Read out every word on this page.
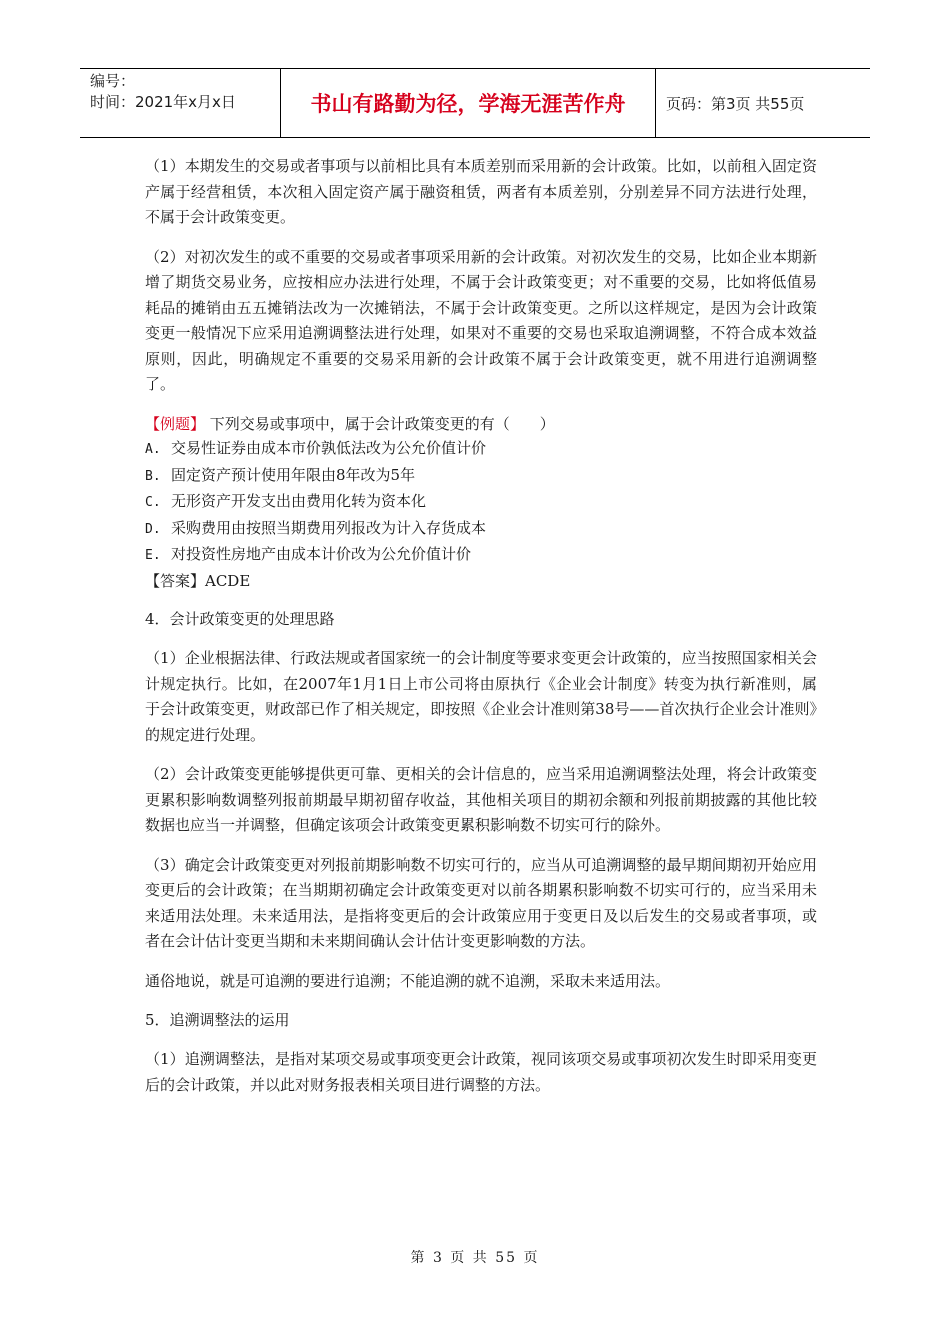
编号：
时间：2021年x月x日	书山有路勤为径，学海无涯苦作舟	页码：第3页 共55页

（1）本期发生的交易或者事项与以前相比具有本质差别而采用新的会计政策。比如，以前租入固定资产属于经营租赁，本次租入固定资产属于融资租赁，两者有本质差别，分别差异不同方法进行处理，不属于会计政策变更。

（2）对初次发生的或不重要的交易或者事项采用新的会计政策。对初次发生的交易，比如企业本期新增了期货交易业务，应按相应办法进行处理，不属于会计政策变更；对不重要的交易，比如将低值易耗品的摊销由五五摊销法改为一次摊销法，不属于会计政策变更。之所以这样规定，是因为会计政策变更一般情况下应采用追溯调整法进行处理，如果对不重要的交易也采取追溯调整，不符合成本效益原则，因此，明确规定不重要的交易采用新的会计政策不属于会计政策变更，就不用进行追溯调整了。

【例题】 下列交易或事项中，属于会计政策变更的有（　　）

A. 交易性证券由成本市价孰低法改为公允价值计价

B. 固定资产预计使用年限由8年改为5年

C. 无形资产开发支出由费用化转为资本化

D. 采购费用由按照当期费用列报改为计入存货成本

E. 对投资性房地产由成本计价改为公允价值计价

【答案】ACDE

4．会计政策变更的处理思路

（1）企业根据法律、行政法规或者国家统一的会计制度等要求变更会计政策的，应当按照国家相关会计规定执行。比如，在2007年1月1日上市公司将由原执行《企业会计制度》转变为执行新准则，属于会计政策变更，财政部已作了相关规定，即按照《企业会计准则第38号——首次执行企业会计准则》的规定进行处理。

（2）会计政策变更能够提供更可靠、更相关的会计信息的，应当采用追溯调整法处理，将会计政策变更累积影响数调整列报前期最早期初留存收益，其他相关项目的期初余额和列报前期披露的其他比较数据也应当一并调整，但确定该项会计政策变更累积影响数不切实可行的除外。

（3）确定会计政策变更对列报前期影响数不切实可行的，应当从可追溯调整的最早期间期初开始应用变更后的会计政策；在当期期初确定会计政策变更对以前各期累积影响数不切实可行的，应当采用未来适用法处理。未来适用法，是指将变更后的会计政策应用于变更日及以后发生的交易或者事项，或者在会计估计变更当期和未来期间确认会计估计变更影响数的方法。

通俗地说，就是可追溯的要进行追溯；不能追溯的就不追溯，采取未来适用法。

5．追溯调整法的运用

（1）追溯调整法，是指对某项交易或事项变更会计政策，视同该项交易或事项初次发生时即采用变更后的会计政策，并以此对财务报表相关项目进行调整的方法。

第 3 页 共 55 页
